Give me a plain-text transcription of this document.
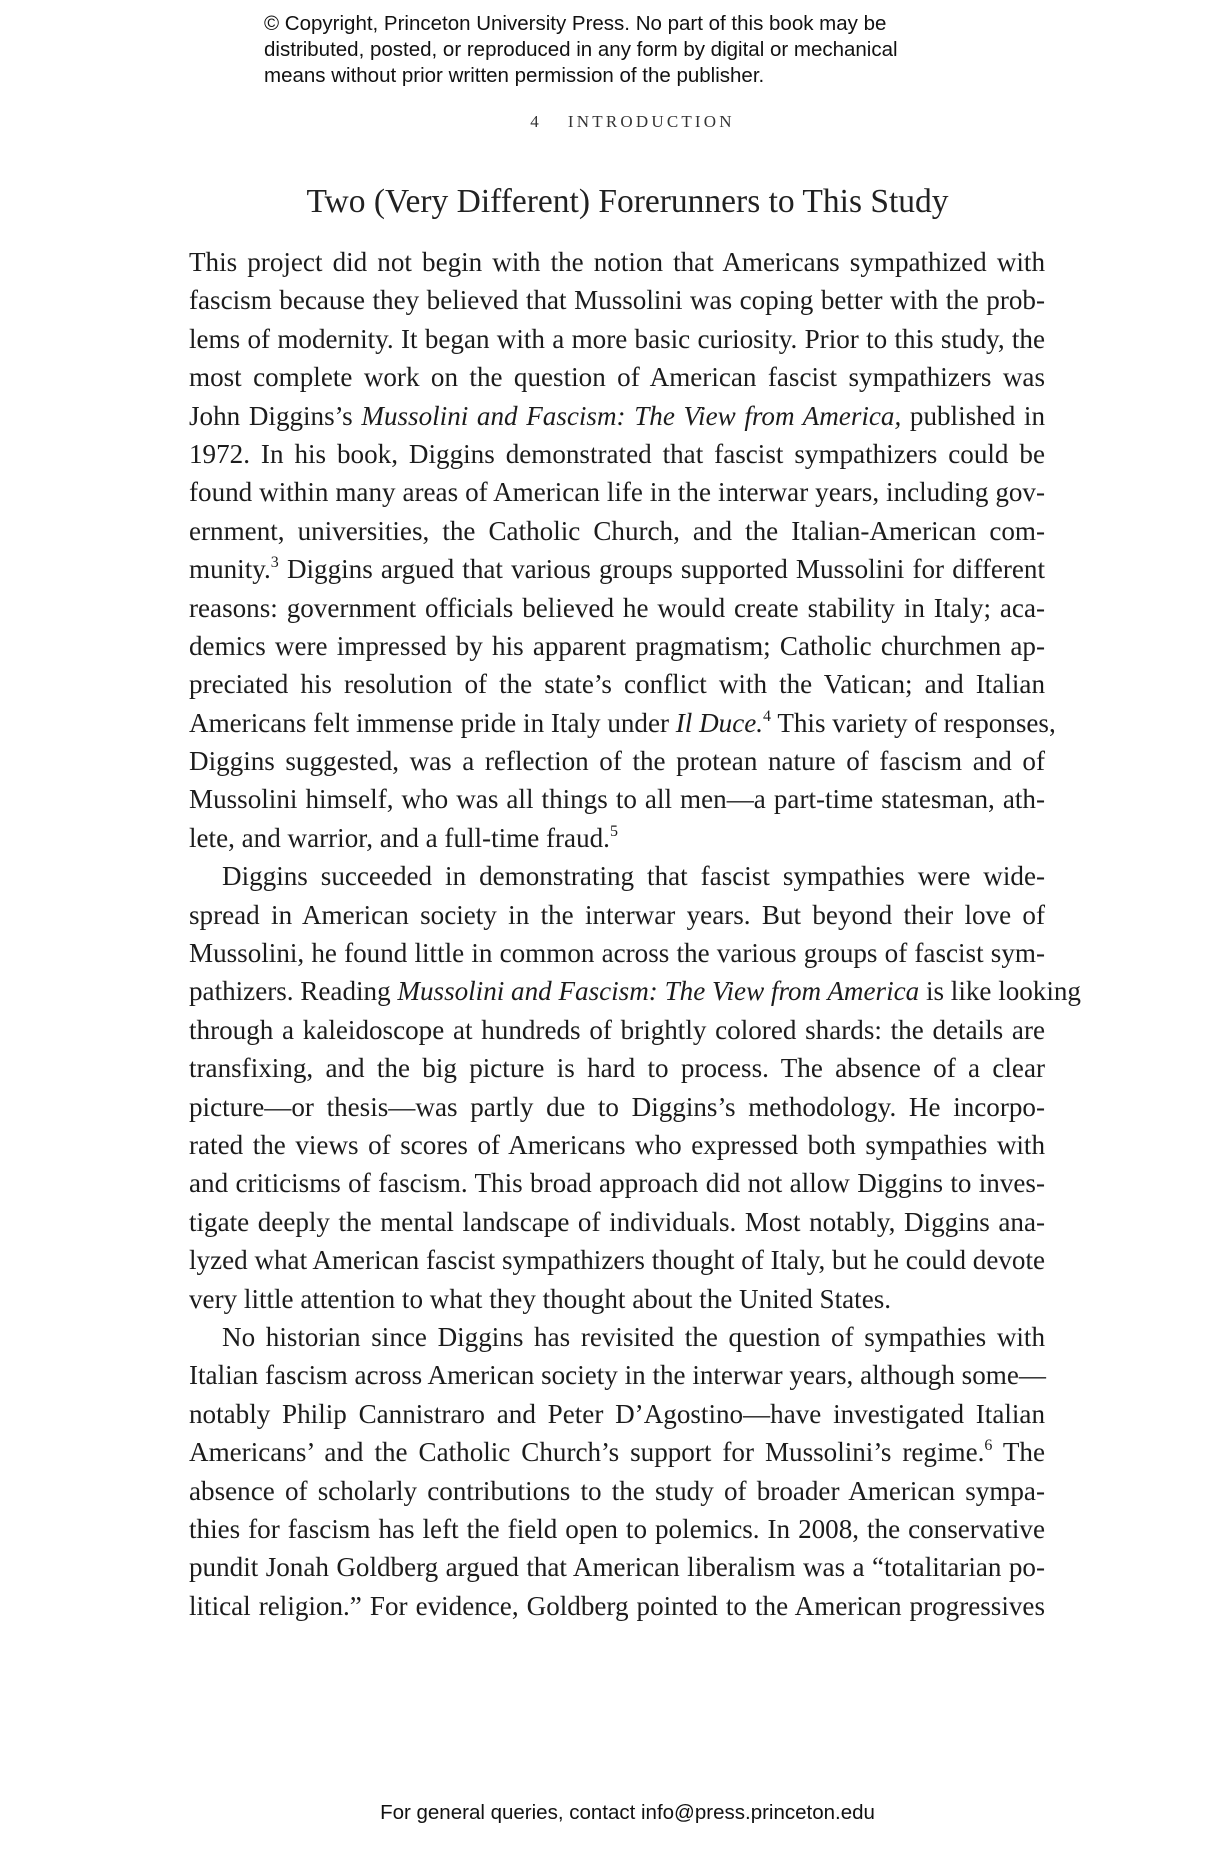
© Copyright, Princeton University Press. No part of this book may be

distributed, posted, or reproduced in any form by digital or mechanical

means without prior written permission of the publisher.

4 INTRODUCTION
Two (Very Different) Forerunners to This Study
This project did not begin with the notion that Americans sympathized with
fascism because they believed that Mussolini was coping better with the prob-
lems of modernity. It began with a more basic curiosity. Prior to this study, the
most complete work on the question of American fascist sympathizers was
John Diggins’s Mussolini and Fascism: The View from America, published in
1972. In his book, Diggins demonstrated that fascist sympathizers could be
found within many areas of American life in the interwar years, including gov-
ernment, universities, the Catholic Church, and the Italian-American com-
munity.$^3$ Diggins argued that various groups supported Mussolini for different
reasons: government officials believed he would create stability in Italy; aca-
demics were impressed by his apparent pragmatism; Catholic churchmen ap-
preciated his resolution of the state’s conflict with the Vatican; and Italian
Americans felt immense pride in Italy under Il Duce.$^4$ This variety of responses,
Diggins suggested, was a reflection of the protean nature of fascism and of
Mussolini himself, who was all things to all men—a part-time statesman, ath-
lete, and warrior, and a full-time fraud.$^5$
Diggins succeeded in demonstrating that fascist sympathies were wide-
spread in American society in the interwar years. But beyond their love of
Mussolini, he found little in common across the various groups of fascist sym-
pathizers. Reading Mussolini and Fascism: The View from America is like looking
through a kaleidoscope at hundreds of brightly colored shards: the details are
transfixing, and the big picture is hard to process. The absence of a clear
picture—or thesis—was partly due to Diggins’s methodology. He incorpo-
rated the views of scores of Americans who expressed both sympathies with
and criticisms of fascism. This broad approach did not allow Diggins to inves-
tigate deeply the mental landscape of individuals. Most notably, Diggins ana-
lyzed what American fascist sympathizers thought of Italy, but he could devote
very little attention to what they thought about the United States.
No historian since Diggins has revisited the question of sympathies with
Italian fascism across American society in the interwar years, although some—
notably Philip Cannistraro and Peter D’Agostino—have investigated Italian
Americans’ and the Catholic Church’s support for Mussolini’s regime.$^6$ The
absence of scholarly contributions to the study of broader American sympa-
thies for fascism has left the field open to polemics. In 2008, the conservative
pundit Jonah Goldberg argued that American liberalism was a “totalitarian po-
litical religion.” For evidence, Goldberg pointed to the American progressives
For general queries, contact info@press.princeton.edu
